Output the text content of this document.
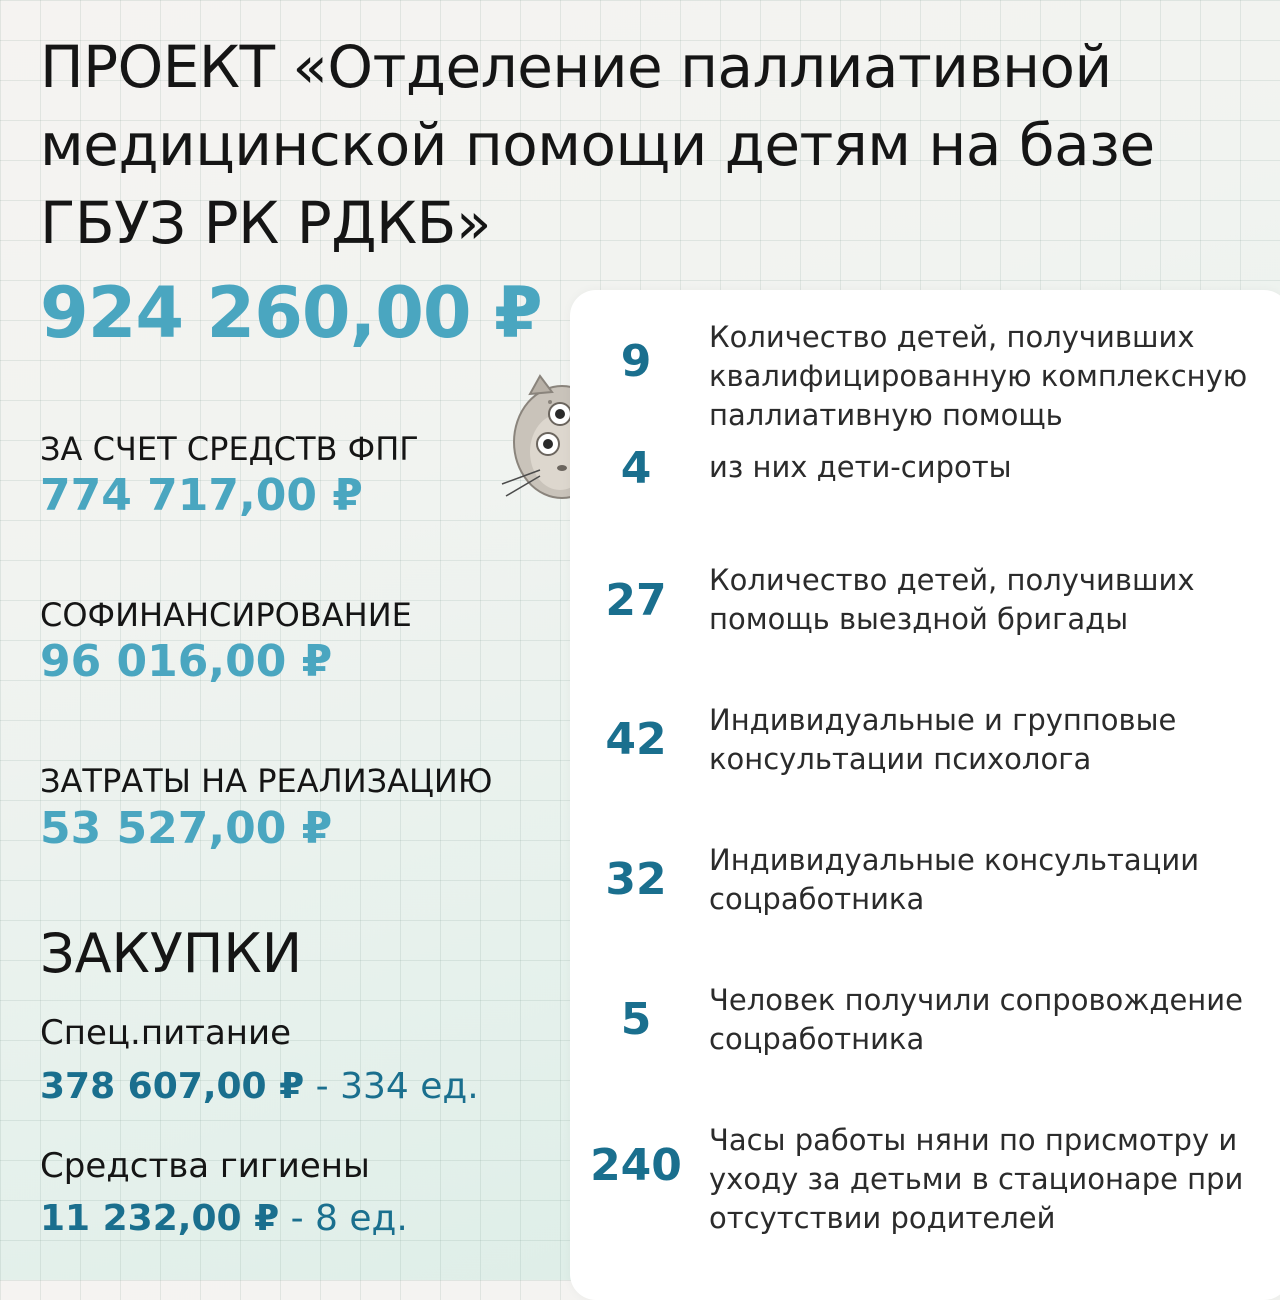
ПРОЕКТ «Отделение паллиативной медицинской помощи детям на базе ГБУЗ РК РДКБ»
924 260,00 ₽
ЗА СЧЕТ СРЕДСТВ ФПГ
774 717,00 ₽
СОФИНАНСИРОВАНИЕ
96 016,00 ₽
ЗАТРАТЫ НА РЕАЛИЗАЦИЮ
53 527,00 ₽
ЗАКУПКИ
Спец.питание
378 607,00 ₽ - 334 ед.
Средства гигиены
11 232,00 ₽ - 8 ед.
9	Количество детей, получивших квалифицированную комплексную паллиативную помощь
4	из них дети-сироты
27	Количество детей, получивших помощь выездной бригады
42	Индивидуальные и групповые консультации психолога
32	Индивидуальные консультации соцработника
5	Человек получили сопровождение соцработника
240 Часы работы няни по присмотру и уходу за детьми в стационаре при отсутствии родителей
